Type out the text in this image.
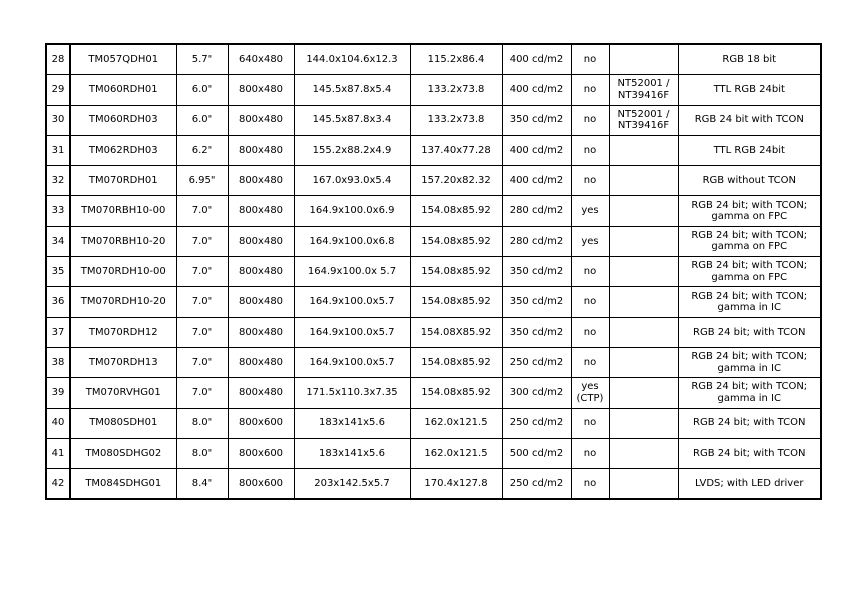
28	TM057QDH01	5.7"	640x480	144.0x104.6x12.3	115.2x86.4	400 cd/m2	no		RGB 18 bit
29	TM060RDH01	6.0"	800x480	145.5x87.8x5.4	133.2x73.8	400 cd/m2	no	NT52001 / NT39416F	TTL RGB 24bit
30	TM060RDH03	6.0"	800x480	145.5x87.8x3.4	133.2x73.8	350 cd/m2	no	NT52001 / NT39416F	RGB 24 bit with TCON
31	TM062RDH03	6.2"	800x480	155.2x88.2x4.9	137.40x77.28	400 cd/m2	no		TTL RGB 24bit
32	TM070RDH01	6.95"	800x480	167.0x93.0x5.4	157.20x82.32	400 cd/m2	no		RGB without TCON
33	TM070RBH10-00	7.0"	800x480	164.9x100.0x6.9	154.08x85.92	280 cd/m2	yes		RGB 24 bit; with TCON; gamma on FPC
34	TM070RBH10-20	7.0"	800x480	164.9x100.0x6.8	154.08x85.92	280 cd/m2	yes		RGB 24 bit; with TCON; gamma on FPC
35	TM070RDH10-00	7.0"	800x480	164.9x100.0x 5.7	154.08x85.92	350 cd/m2	no		RGB 24 bit; with TCON; gamma on FPC
36	TM070RDH10-20	7.0"	800x480	164.9x100.0x5.7	154.08x85.92	350 cd/m2	no		RGB 24 bit; with TCON; gamma in IC
37	TM070RDH12	7.0"	800x480	164.9x100.0x5.7	154.08X85.92	350 cd/m2	no		RGB 24 bit; with TCON
38	TM070RDH13	7.0"	800x480	164.9x100.0x5.7	154.08x85.92	250 cd/m2	no		RGB 24 bit; with TCON; gamma in IC
39	TM070RVHG01	7.0"	800x480	171.5x110.3x7.35	154.08x85.92	300 cd/m2	yes (CTP)		RGB 24 bit; with TCON; gamma in IC
40	TM080SDH01	8.0"	800x600	183x141x5.6	162.0x121.5	250 cd/m2	no		RGB 24 bit; with TCON
41	TM080SDHG02	8.0"	800x600	183x141x5.6	162.0x121.5	500 cd/m2	no		RGB 24 bit; with TCON
42	TM084SDHG01	8.4"	800x600	203x142.5x5.7	170.4x127.8	250 cd/m2	no		LVDS; with LED driver
